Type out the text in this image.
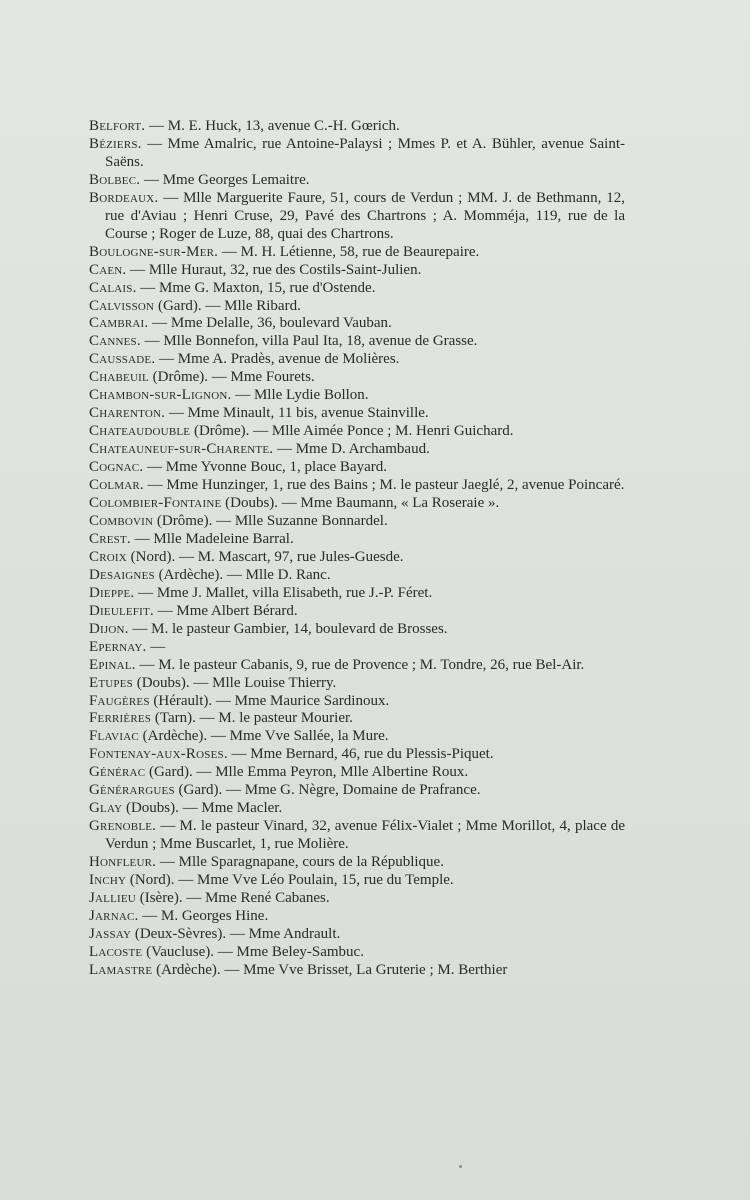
Belfort. — M. E. Huck, 13, avenue C.-H. Gœrich.
Béziers. — Mme Amalric, rue Antoine-Palaysi ; Mmes P. et A. Bühler, avenue Saint-Saëns.
Bolbec. — Mme Georges Lemaitre.
Bordeaux. — Mlle Marguerite Faure, 51, cours de Verdun ; MM. J. de Bethmann, 12, rue d'Aviau ; Henri Cruse, 29, Pavé des Chartrons ; A. Momméja, 119, rue de la Course ; Roger de Luze, 88, quai des Chartrons.
Boulogne-sur-Mer. — M. H. Létienne, 58, rue de Beaurepaire.
Caen. — Mlle Huraut, 32, rue des Costils-Saint-Julien.
Calais. — Mme G. Maxton, 15, rue d'Ostende.
Calvisson (Gard). — Mlle Ribard.
Cambrai. — Mme Delalle, 36, boulevard Vauban.
Cannes. — Mlle Bonnefon, villa Paul Ita, 18, avenue de Grasse.
Caussade. — Mme A. Pradès, avenue de Molières.
Chabeuil (Drôme). — Mme Fourets.
Chambon-sur-Lignon. — Mlle Lydie Bollon.
Charenton. — Mme Minault, 11 bis, avenue Stainville.
Chateaudouble (Drôme). — Mlle Aimée Ponce ; M. Henri Guichard.
Chateauneuf-sur-Charente. — Mme D. Archambaud.
Cognac. — Mme Yvonne Bouc, 1, place Bayard.
Colmar. — Mme Hunzinger, 1, rue des Bains ; M. le pasteur Jaeglé, 2, avenue Poincaré.
Colombier-Fontaine (Doubs). — Mme Baumann, « La Roseraie ».
Combovin (Drôme). — Mlle Suzanne Bonnardel.
Crest. — Mlle Madeleine Barral.
Croix (Nord). — M. Mascart, 97, rue Jules-Guesde.
Desaignes (Ardèche). — Mlle D. Ranc.
Dieppe. — Mme J. Mallet, villa Elisabeth, rue J.-P. Féret.
Dieulefit. — Mme Albert Bérard.
Dijon. — M. le pasteur Gambier, 14, boulevard de Brosses.
Epernay. —
Epinal. — M. le pasteur Cabanis, 9, rue de Provence ; M. Tondre, 26, rue Bel-Air.
Etupes (Doubs). — Mlle Louise Thierry.
Faugères (Hérault). — Mme Maurice Sardinoux.
Ferrières (Tarn). — M. le pasteur Mourier.
Flaviac (Ardèche). — Mme Vve Sallée, la Mure.
Fontenay-aux-Roses. — Mme Bernard, 46, rue du Plessis-Piquet.
Générac (Gard). — Mlle Emma Peyron, Mlle Albertine Roux.
Générargues (Gard). — Mme G. Nègre, Domaine de Prafrance.
Glay (Doubs). — Mme Macler.
Grenoble. — M. le pasteur Vinard, 32, avenue Félix-Vialet ; Mme Morillot, 4, place de Verdun ; Mme Buscarlet, 1, rue Molière.
Honfleur. — Mlle Sparagnapane, cours de la République.
Inchy (Nord). — Mme Vve Léo Poulain, 15, rue du Temple.
Jallieu (Isère). — Mme René Cabanes.
Jarnac. — M. Georges Hine.
Jassay (Deux-Sèvres). — Mme Andrault.
Lacoste (Vaucluse). — Mme Beley-Sambuc.
Lamastre (Ardèche). — Mme Vve Brisset, La Gruterie ; M. Berthier
